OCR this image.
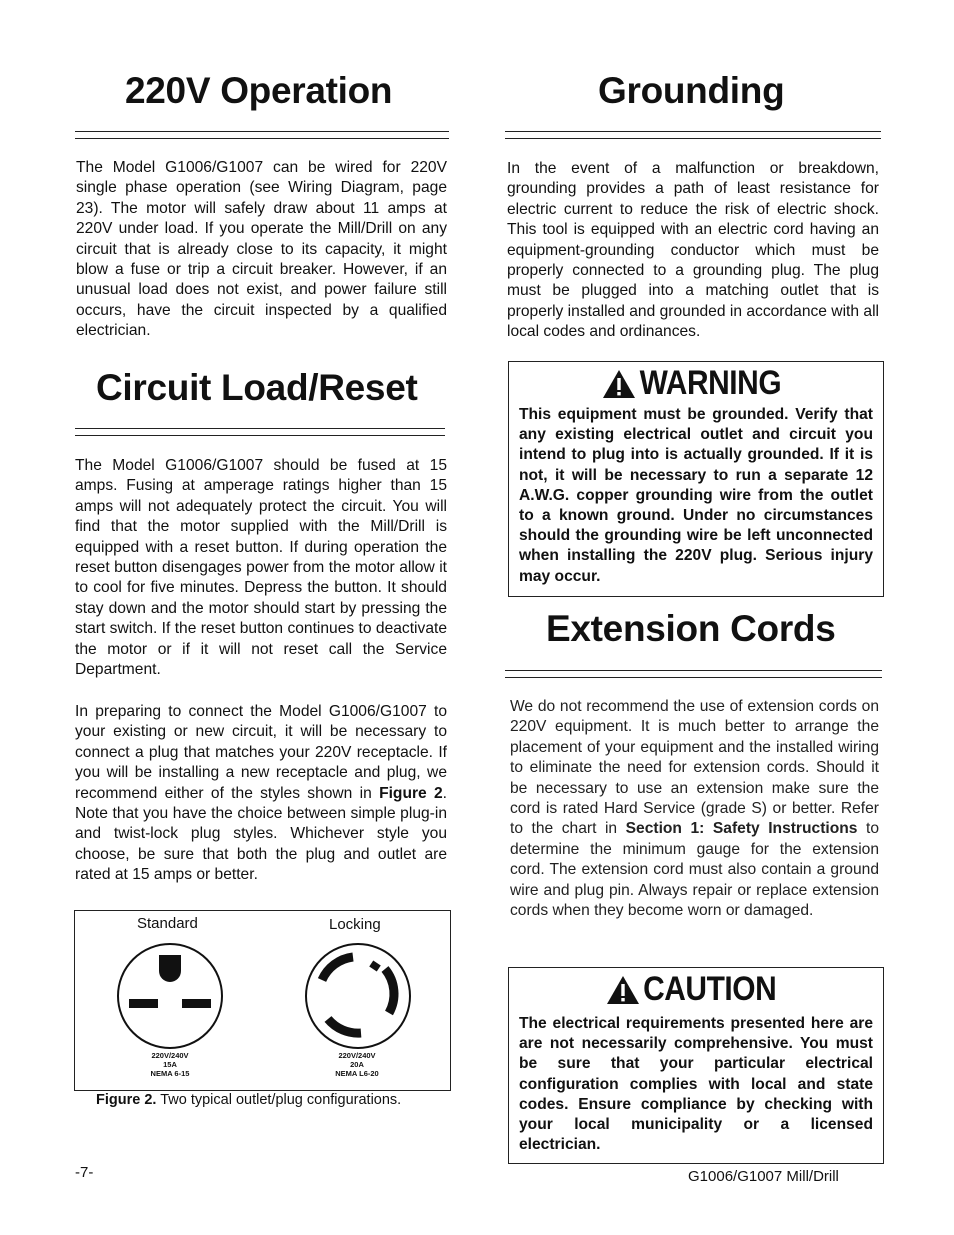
220V Operation

The Model G1006/G1007 can be wired for 220V single phase operation (see Wiring Diagram, page 23). The motor will safely draw about 11 amps at 220V under load. If you operate the Mill/Drill on any circuit that is already close to its capacity, it might blow a fuse or trip a circuit breaker. However, if an unusual load does not exist, and power failure still occurs, have the circuit inspected by a qualified electrician.

Circuit Load/Reset

The Model G1006/G1007 should be fused at 15 amps. Fusing at amperage ratings higher than 15 amps will not adequately protect the circuit. You will find that the motor supplied with the Mill/Drill is equipped with a reset button. If during operation the reset button disengages power from the motor allow it to cool for five minutes. Depress the button. It should stay down and the motor should start by pressing the start switch. If the reset button continues to deactivate the motor or if it will not reset call the Service Department.

In preparing to connect the Model G1006/G1007 to your existing or new circuit, it will be necessary to connect a plug that matches your 220V receptacle. If you will be installing a new receptacle and plug, we recommend either of the styles shown in Figure 2. Note that you have the choice between simple plug-in and twist-lock plug styles. Whichever style you choose, be sure that both the plug and outlet are rated at 15 amps or better.

Standard	Locking
220V/240V
15A
NEMA 6-15
220V/240V
20A
NEMA L6-20
Figure 2. Two typical outlet/plug configurations.
Grounding

In the event of a malfunction or breakdown, grounding provides a path of least resistance for electric current to reduce the risk of electric shock. This tool is equipped with an electric cord having an equipment-grounding conductor which must be properly connected to a grounding plug. The plug must be plugged into a matching outlet that is properly installed and grounded in accordance with all local codes and ordinances.

WARNING

This equipment must be grounded. Verify that any existing electrical outlet and circuit you intend to plug into is actually grounded. If it is not, it will be necessary to run a separate 12 A.W.G. copper grounding wire from the outlet to a known ground. Under no circumstances should the grounding wire be left unconnected when installing the 220V plug. Serious injury may occur.

Extension Cords

We do not recommend the use of extension cords on 220V equipment. It is much better to arrange the placement of your equipment and the installed wiring to eliminate the need for extension cords. Should it be necessary to use an extension make sure the cord is rated Hard Service (grade S) or better. Refer to the chart in Section 1: Safety Instructions to determine the minimum gauge for the extension cord. The extension cord must also contain a ground wire and plug pin. Always repair or replace extension cords when they become worn or damaged.

CAUTION

The electrical requirements presented here are are not necessarily comprehensive. You must be sure that your particular electrical configuration complies with local and state codes. Ensure compliance by checking with your local municipality or a licensed electrician.

-7-	G1006/G1007 Mill/Drill
